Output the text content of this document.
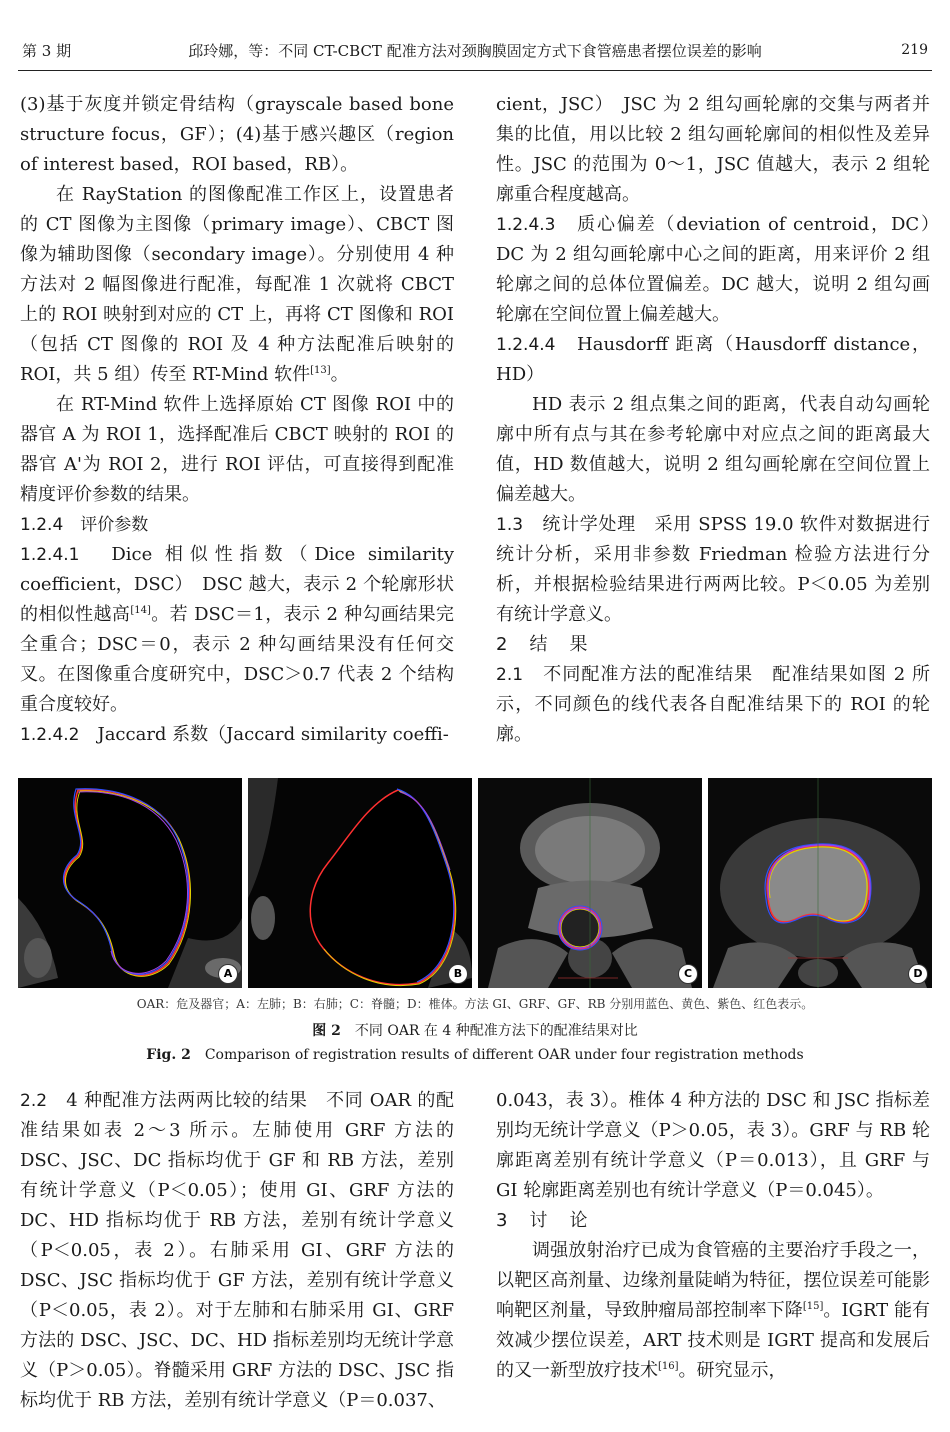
第 3 期	邱玲娜，等：不同 CT-CBCT 配准方法对颈胸膜固定方式下食管癌患者摆位误差的影响	219

(3)基于灰度并锁定骨结构（grayscale based bone structure focus，GF）；(4)基于感兴趣区（region of interest based，ROI based，RB）。

在 RayStation 的图像配准工作区上，设置患者的 CT 图像为主图像（primary image）、CBCT 图像为辅助图像（secondary image）。分别使用 4 种方法对 2 幅图像进行配准，每配准 1 次就将 CBCT 上的 ROI 映射到对应的 CT 上，再将 CT 图像和 ROI（包括 CT 图像的 ROI 及 4 种方法配准后映射的 ROI，共 5 组）传至 RT-Mind 软件[13]。

在 RT-Mind 软件上选择原始 CT 图像 ROI 中的器官 A 为 ROI 1，选择配准后 CBCT 映射的 ROI 的器官 A'为 ROI 2，进行 ROI 评估，可直接得到配准精度评价参数的结果。

1.2.4　评价参数

1.2.4.1　Dice 相似性指数（Dice similarity coefficient，DSC）　DSC 越大，表示 2 个轮廓形状的相似性越高[14]。若 DSC＝1，表示 2 种勾画结果完全重合；DSC＝0，表示 2 种勾画结果没有任何交叉。在图像重合度研究中，DSC＞0.7 代表 2 个结构重合度较好。

1.2.4.2　Jaccard 系数（Jaccard similarity coeffi-

cient，JSC）　JSC 为 2 组勾画轮廓的交集与两者并集的比值，用以比较 2 组勾画轮廓间的相似性及差异性。JSC 的范围为 0～1，JSC 值越大，表示 2 组轮廓重合程度越高。

1.2.4.3　质心偏差（deviation of centroid，DC）　DC 为 2 组勾画轮廓中心之间的距离，用来评价 2 组轮廓之间的总体位置偏差。DC 越大，说明 2 组勾画轮廓在空间位置上偏差越大。

1.2.4.4　Hausdorff 距离（Hausdorff distance，HD）

HD 表示 2 组点集之间的距离，代表自动勾画轮廓中所有点与其在参考轮廓中对应点之间的距离最大值，HD 数值越大，说明 2 组勾画轮廓在空间位置上偏差越大。

1.3　统计学处理　采用 SPSS 19.0 软件对数据进行统计分析，采用非参数 Friedman 检验方法进行分析，并根据检验结果进行两两比较。P＜0.05 为差别有统计学意义。

2　结　果

2.1　不同配准方法的配准结果　配准结果如图 2 所示，不同颜色的线代表各自配准结果下的 ROI 的轮廓。

A	B	C	D
OAR：危及器官；A：左肺；B：右肺；C：脊髓；D：椎体。方法 GI、GRF、GF、RB 分别用蓝色、黄色、紫色、红色表示。
图 2　不同 OAR 在 4 种配准方法下的配准结果对比
Fig. 2　Comparison of registration results of different OAR under four registration methods

2.2　4 种配准方法两两比较的结果　不同 OAR 的配准结果如表 2～3 所示。左肺使用 GRF 方法的 DSC、JSC、DC 指标均优于 GF 和 RB 方法，差别有统计学意义（P＜0.05）；使用 GI、GRF 方法的 DC、HD 指标均优于 RB 方法，差别有统计学意义（P＜0.05，表 2）。右肺采用 GI、GRF 方法的 DSC、JSC 指标均优于 GF 方法，差别有统计学意义（P＜0.05，表 2）。对于左肺和右肺采用 GI、GRF 方法的 DSC、JSC、DC、HD 指标差别均无统计学意义（P＞0.05）。脊髓采用 GRF 方法的 DSC、JSC 指标均优于 RB 方法，差别有统计学意义（P＝0.037、

0.043，表 3）。椎体 4 种方法的 DSC 和 JSC 指标差别均无统计学意义（P＞0.05，表 3）。GRF 与 RB 轮廓距离差别有统计学意义（P＝0.013），且 GRF 与 GI 轮廓距离差别也有统计学意义（P＝0.045）。

3　讨　论

调强放射治疗已成为食管癌的主要治疗手段之一，以靶区高剂量、边缘剂量陡峭为特征，摆位误差可能影响靶区剂量，导致肿瘤局部控制率下降[15]。IGRT 能有效减少摆位误差，ART 技术则是 IGRT 提高和发展后的又一新型放疗技术[16]。研究显示，
